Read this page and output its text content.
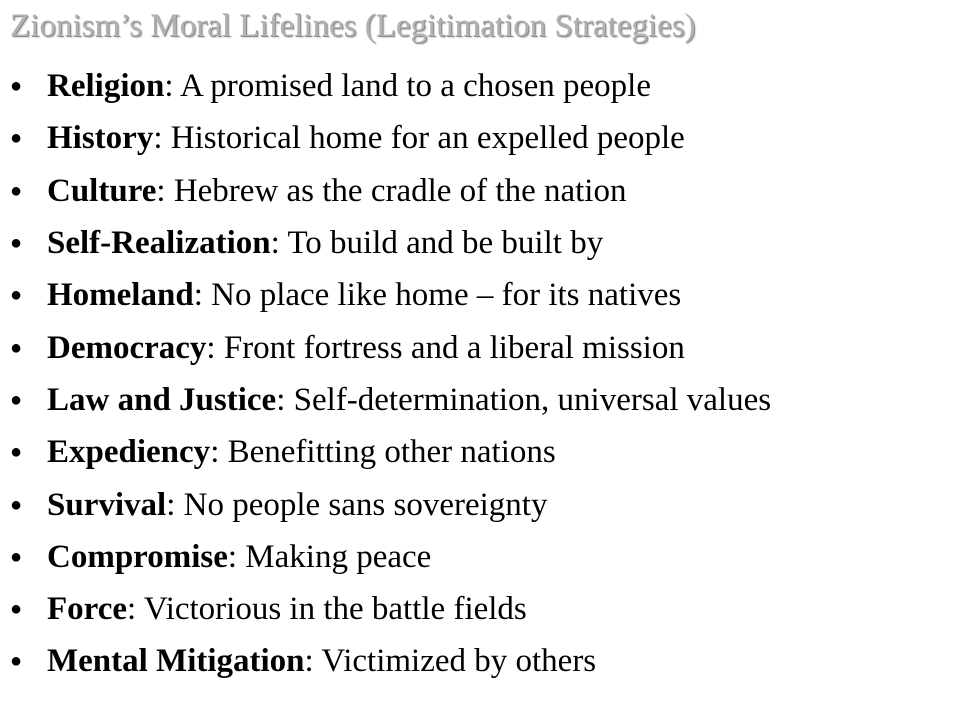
Zionism’s Moral Lifelines (Legitimation Strategies)
● Religion: A promised land to a chosen people
● History: Historical home for an expelled people
● Culture: Hebrew as the cradle of the nation
● Self-Realization: To build and be built by
● Homeland: No place like home – for its natives
● Democracy: Front fortress and a liberal mission
● Law and Justice: Self-determination, universal values
● Expediency: Benefitting other nations
● Survival: No people sans sovereignty
● Compromise: Making peace
● Force: Victorious in the battle fields
● Mental Mitigation: Victimized by others
